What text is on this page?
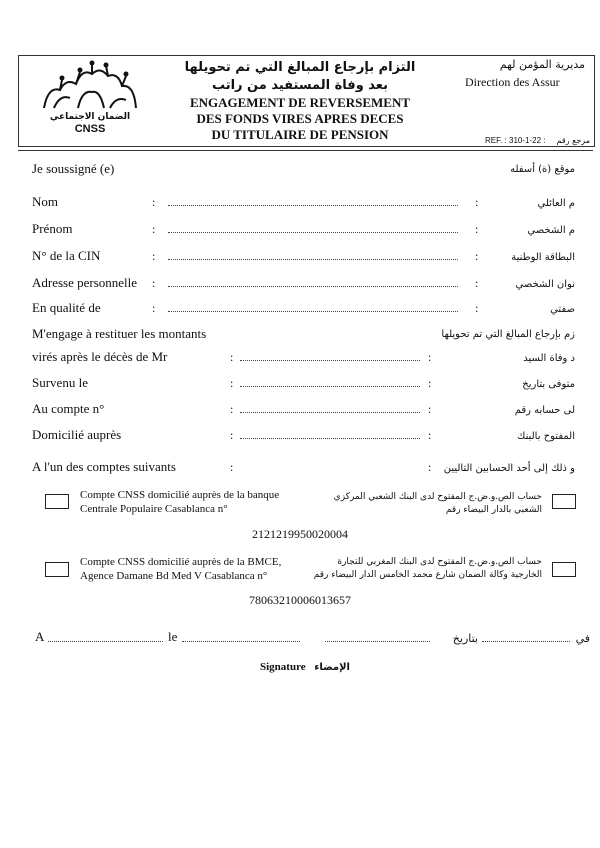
الضمان الاجتماعي
CNSS
التزام بإرجاع المبالغ التي تم تحويلها
بعد وفاة المستفيد من راتب
ENGAGEMENT DE REVERSEMENT
DES FONDS VIRES APRES DECES
DU TITULAIRE DE PENSION
مديرية المؤمن لهم
Direction des Assur
REF. : 310-1-22 :	مرجع رقم
Je soussigné (e)	موقع (ة) أسفله
Nom	:	:	م العائلي
Prénom	:	:	م الشخصي
N° de la CIN	:	:	البطاقة الوطنية
Adresse personnelle :	:	نوان الشخصي
En qualité de	:	:	صفتي
M'engage à restituer les montants	زم بإرجاع المبالغ التي تم تحويلها
virés après le décès de Mr	:	:	د وفاة السيد
Survenu le	:	:	متوفى بتاريخ
Au compte n°	:	:	لى حسابه رقم
Domicilié auprès	:	:	المفتوح بالبنك
A l'un des comptes suivants	:	:	و ذلك إلى أحد الحسابين التاليين
Compte CNSS domicilié auprès de la banque
Centrale Populaire Casablanca n°
حساب الص.و.ض.ج المفتوح لدى البنك الشعبي المركزي
الشعبي بالدار البيضاء رقم
2121219950020004
Compte CNSS domicilié auprès de la BMCE,
Agence Damane Bd Med V Casablanca n°
حساب الص.و.ض.ج المفتوح لدى البنك المغربي للتجارة
الخارجية وكالة الضمان شارع محمد الخامس الدار البيضاء رقم
78063210006013657
A	le	بتاريخ	في
Signature الإمضاء
